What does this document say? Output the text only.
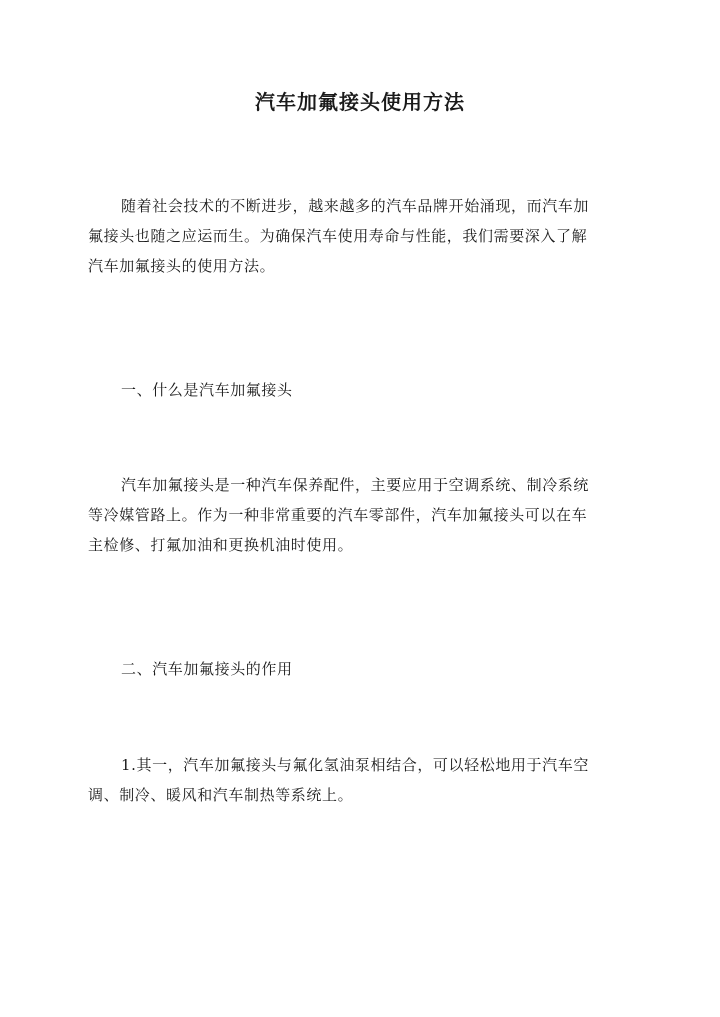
汽车加氟接头使用方法
随着社会技术的不断进步，越来越多的汽车品牌开始涌现，而汽车加
氟接头也随之应运而生。为确保汽车使用寿命与性能，我们需要深入了解
汽车加氟接头的使用方法。
一、什么是汽车加氟接头
汽车加氟接头是一种汽车保养配件，主要应用于空调系统、制冷系统
等冷媒管路上。作为一种非常重要的汽车零部件，汽车加氟接头可以在车
主检修、打氟加油和更换机油时使用。
二、汽车加氟接头的作用
1.其一，汽车加氟接头与氟化氢油泵相结合，可以轻松地用于汽车空
调、制冷、暖风和汽车制热等系统上。
